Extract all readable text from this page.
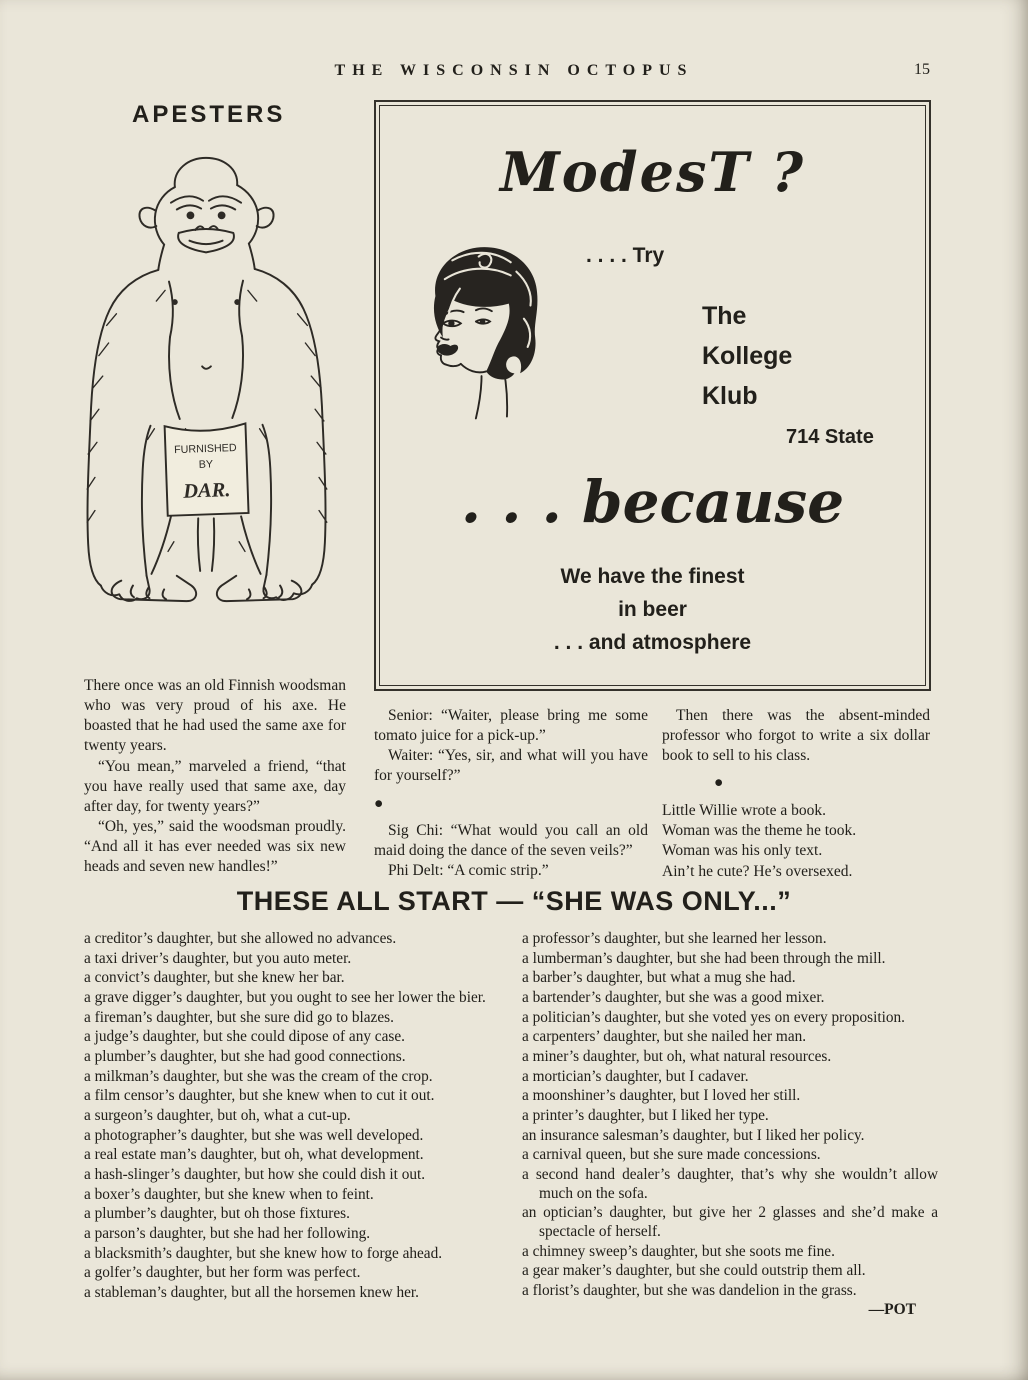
THE WISCONSIN OCTOPUS	15
APESTERS
FURNISHED
BY
DAR.
ModesT ?
. . . . Try
The
Kollege
Klub
714 State
. . . because
We have the finest
in beer
. . . and atmosphere

There once was an old Finnish woodsman who was very proud of his axe. He boasted that he had used the same axe for twenty years.

“You mean,” marveled a friend, “that you have really used that same axe, day after day, for twenty years?”

“Oh, yes,” said the woodsman proudly. “And all it has ever needed was six new heads and seven new handles!”

Senior: “Waiter, please bring me some tomato juice for a pick-up.”

Waiter: “Yes, sir, and what will you have for yourself?”

●

Sig Chi: “What would you call an old maid doing the dance of the seven veils?”

Phi Delt: “A comic strip.”

Then there was the absent-minded professor who forgot to write a six dollar book to sell to his class.

●

Little Willie wrote a book.

Woman was the theme he took.

Woman was his only text.

Ain’t he cute? He’s oversexed.

THESE ALL START — “SHE WAS ONLY...”

a creditor’s daughter, but she allowed no advances.

a taxi driver’s daughter, but you auto meter.

a convict’s daughter, but she knew her bar.

a grave digger’s daughter, but you ought to see her lower the bier.

a fireman’s daughter, but she sure did go to blazes.

a judge’s daughter, but she could dipose of any case.

a plumber’s daughter, but she had good connections.

a milkman’s daughter, but she was the cream of the crop.

a film censor’s daughter, but she knew when to cut it out.

a surgeon’s daughter, but oh, what a cut-up.

a photographer’s daughter, but she was well developed.

a real estate man’s daughter, but oh, what development.

a hash-slinger’s daughter, but how she could dish it out.

a boxer’s daughter, but she knew when to feint.

a plumber’s daughter, but oh those fixtures.

a parson’s daughter, but she had her following.

a blacksmith’s daughter, but she knew how to forge ahead.

a golfer’s daughter, but her form was perfect.

a stableman’s daughter, but all the horsemen knew her.

a professor’s daughter, but she learned her lesson.

a lumberman’s daughter, but she had been through the mill.

a barber’s daughter, but what a mug she had.

a bartender’s daughter, but she was a good mixer.

a politician’s daughter, but she voted yes on every proposition.

a carpenters’ daughter, but she nailed her man.

a miner’s daughter, but oh, what natural resources.

a mortician’s daughter, but I cadaver.

a moonshiner’s daughter, but I loved her still.

a printer’s daughter, but I liked her type.

an insurance salesman’s daughter, but I liked her policy.

a carnival queen, but she sure made concessions.

a second hand dealer’s daughter, that’s why she wouldn’t allow much on the sofa.

an optician’s daughter, but give her 2 glasses and she’d make a spectacle of herself.

a chimney sweep’s daughter, but she soots me fine.

a gear maker’s daughter, but she could outstrip them all.

a florist’s daughter, but she was dandelion in the grass.

—POT
